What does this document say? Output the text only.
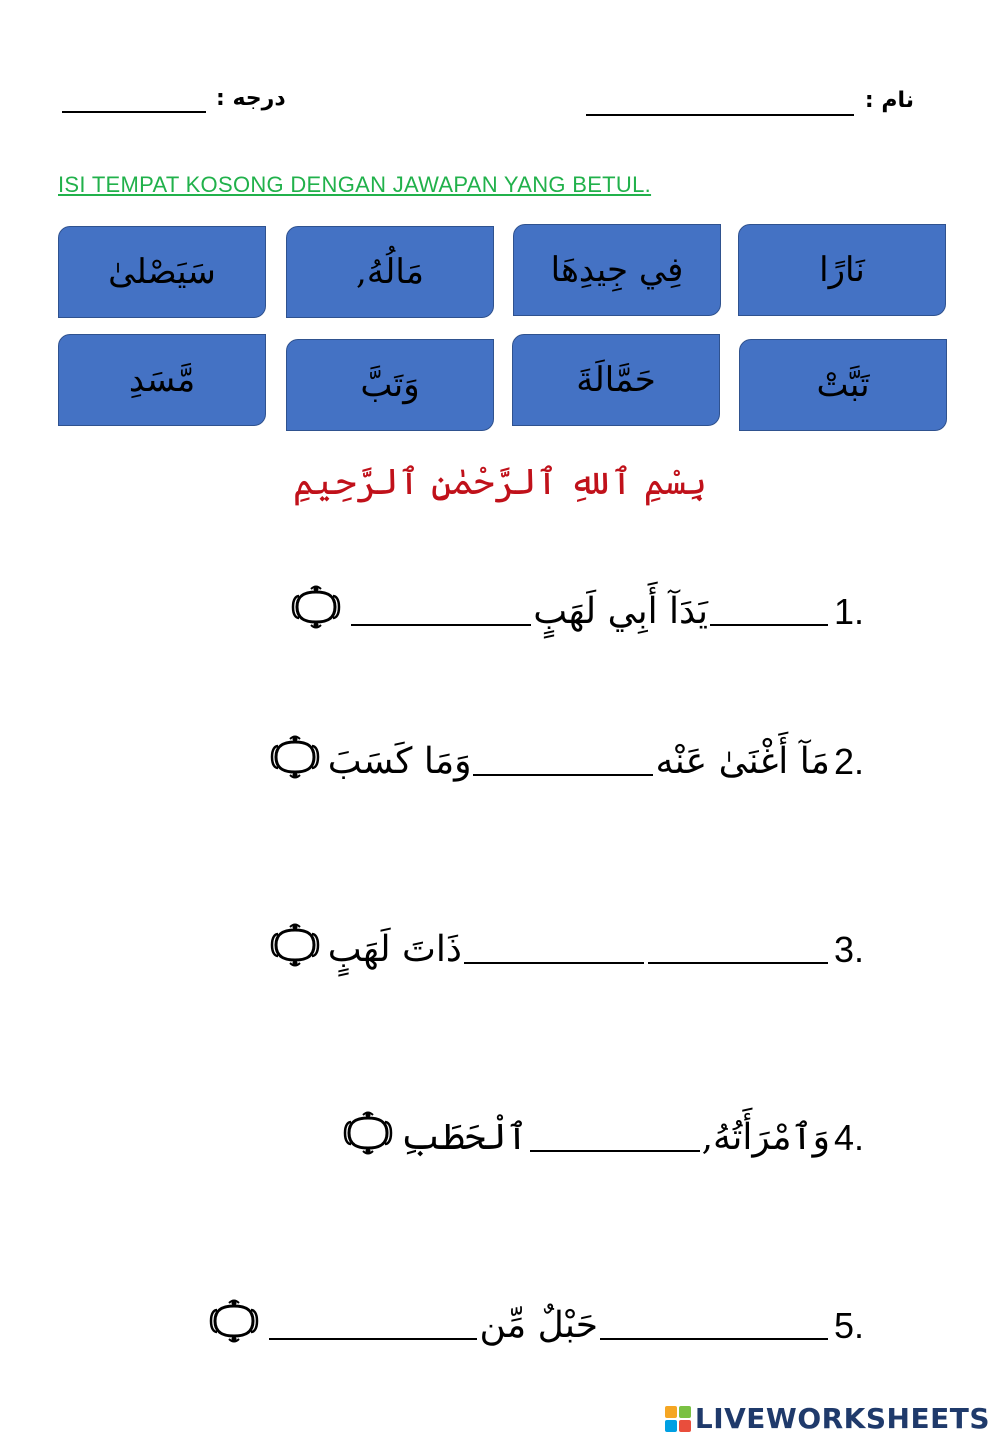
نام :
درجه :
ISI TEMPAT KOSONG DENGAN JAWAPAN YANG BETUL.
سَيَصْلىٰ	مَالُهُ,	فِي جِيدِهَا	نَارًا
مَّسَدِ	وَتَبَّ	حَمَّالَةَ	تَبَّتْ
بِسْمِ ٱللهِ ٱلرَّحْمٰنِ ٱلرَّحِيمِ
1.
يَدَآ أَبِي لَهَبٍ
2.
مَآ أَغْنَىٰ عَنْه
وَمَا كَسَبَ
3.
ذَاتَ لَهَبٍ
4.
وَٱمْرَأَتُهُ,
ٱلْحَطَبِ
5.
حَبْلٌ مِّن
LIVEWORKSHEETS
